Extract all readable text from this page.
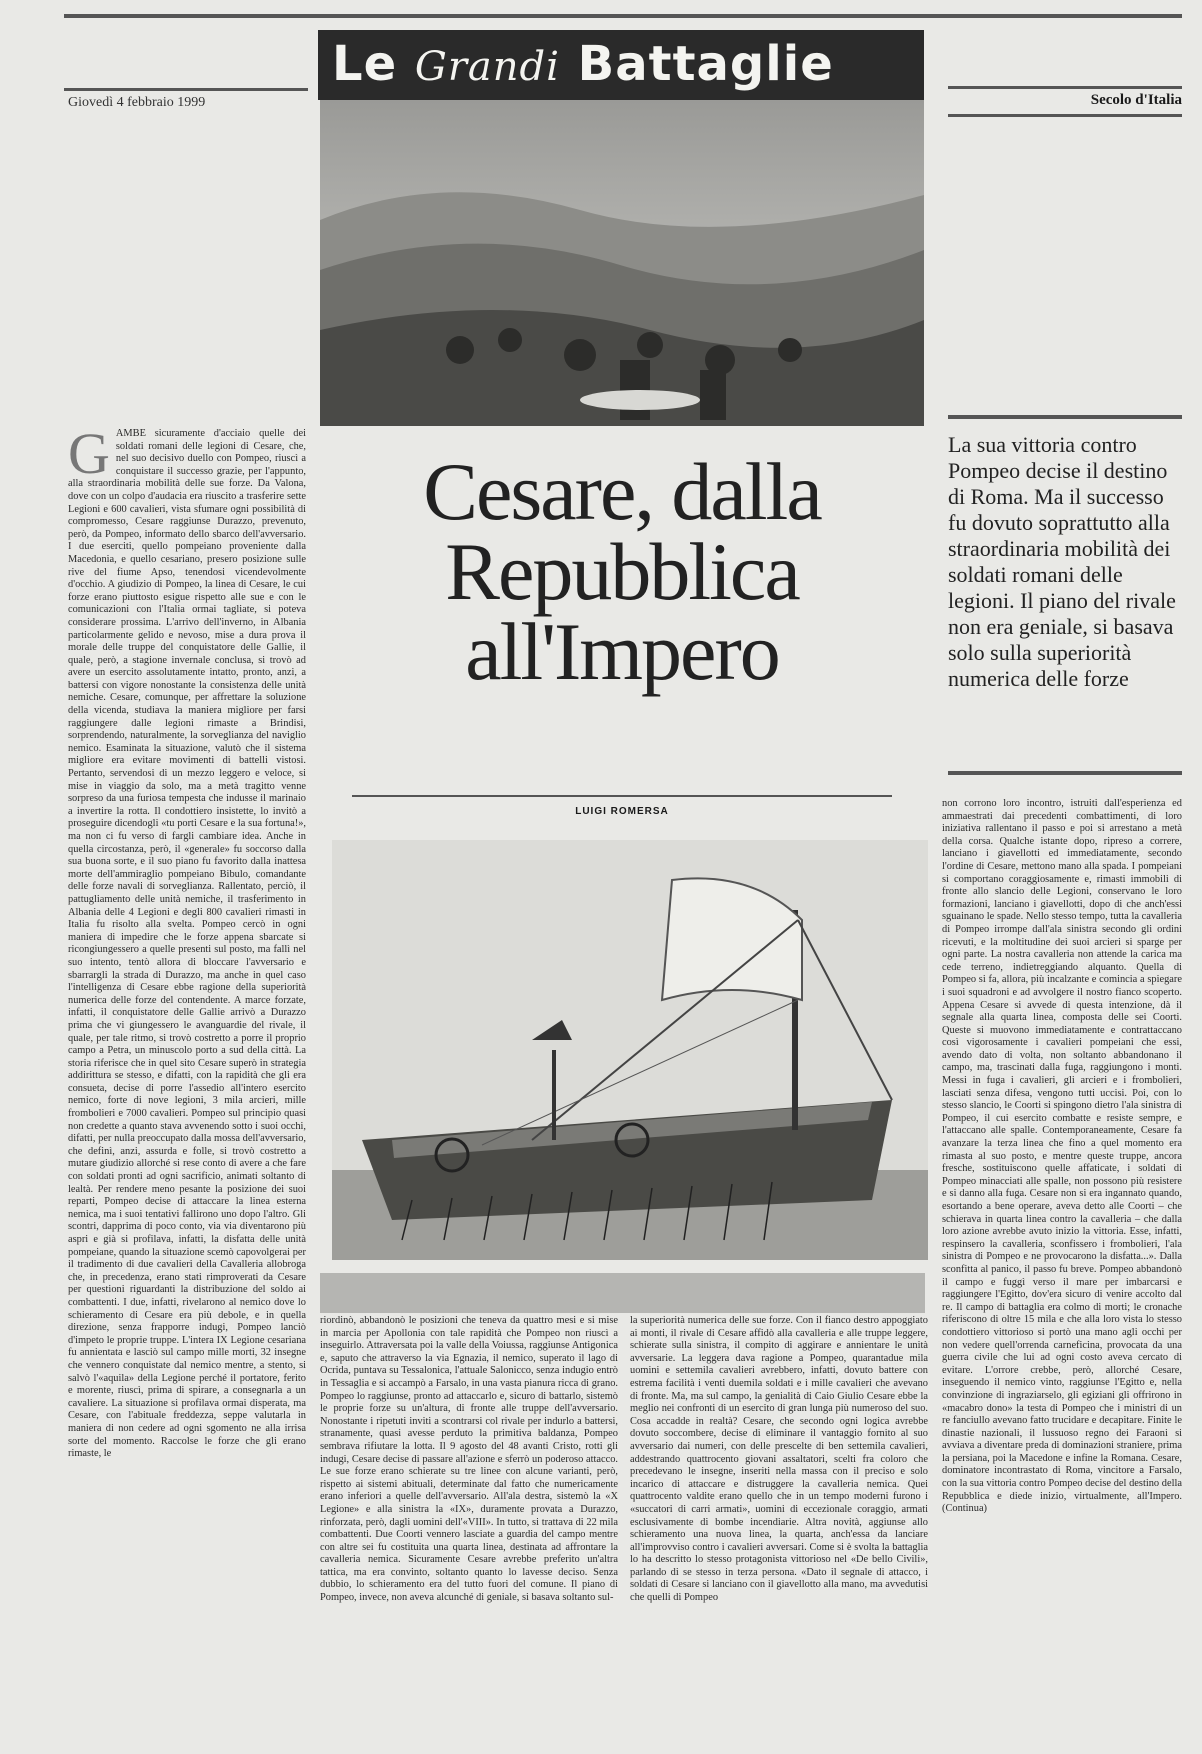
Giovedì 4 febbraio 1999	Secolo d'Italia
Le Grandi Battaglie
Cesare, dalla Repubblica all'Impero
LUIGI ROMERSA
La sua vittoria contro Pompeo decise il destino di Roma. Ma il successo fu dovuto soprattutto alla straordinaria mobilità dei soldati romani delle legioni. Il piano del rivale non era geniale, si basava solo sulla superiorità numerica delle forze
G AMBE sicuramente d'acciaio quelle dei soldati romani delle legioni di Cesare, che, nel suo decisivo duello con Pompeo, riuscì a conquistare il successo grazie, per l'appunto, alla straordinaria mobilità delle sue forze. Da Valona, dove con un colpo d'audacia era riuscito a trasferire sette Legioni e 600 cavalieri, vista sfumare ogni possibilità di compromesso, Cesare raggiunse Durazzo, prevenuto, però, da Pompeo, informato dello sbarco dell'avversario. I due eserciti, quello pompeiano proveniente dalla Macedonia, e quello cesariano, presero posizione sulle rive del fiume Apso, tenendosi vicendevolmente d'occhio. A giudizio di Pompeo, la linea di Cesare, le cui forze erano piuttosto esigue rispetto alle sue e con le comunicazioni con l'Italia ormai tagliate, si poteva considerare prossima. L'arrivo dell'inverno, in Albania particolarmente gelido e nevoso, mise a dura prova il morale delle truppe del conquistatore delle Gallie, il quale, però, a stagione invernale conclusa, si trovò ad avere un esercito assolutamente intatto, pronto, anzi, a battersi con vigore nonostante la consistenza delle unità nemiche. Cesare, comunque, per affrettare la soluzione della vicenda, studiava la maniera migliore per farsi raggiungere dalle legioni rimaste a Brindisi, sorprendendo, naturalmente, la sorveglianza del naviglio nemico. Esaminata la situazione, valutò che il sistema migliore era evitare movimenti di battelli vistosi. Pertanto, servendosi di un mezzo leggero e veloce, si mise in viaggio da solo, ma a metà tragitto venne sorpreso da una furiosa tempesta che indusse il marinaio a invertire la rotta. Il condottiero insistette, lo invitò a proseguire dicendogli «tu porti Cesare e la sua fortuna!», ma non ci fu verso di fargli cambiare idea. Anche in quella circostanza, però, il «generale» fu soccorso dalla sua buona sorte, e il suo piano fu favorito dalla inattesa morte dell'ammiraglio pompeiano Bibulo, comandante delle forze navali di sorveglianza. Rallentato, perciò, il pattugliamento delle unità nemiche, il trasferimento in Albania delle 4 Legioni e degli 800 cavalieri rimasti in Italia fu risolto alla svelta. Pompeo cercò in ogni maniera di impedire che le forze appena sbarcate si ricongiungessero a quelle presenti sul posto, ma fallì nel suo intento, tentò allora di bloccare l'avversario e sbarrargli la strada di Durazzo, ma anche in quel caso l'intelligenza di Cesare ebbe ragione della superiorità numerica delle forze del contendente. A marce forzate, infatti, il conquistatore delle Gallie arrivò a Durazzo prima che vi giungessero le avanguardie del rivale, il quale, per tale ritmo, si trovò costretto a porre il proprio campo a Petra, un minuscolo porto a sud della città. La storia riferisce che in quel sito Cesare superò in strategia addirittura se stesso, e difatti, con la rapidità che gli era consueta, decise di porre l'assedio all'intero esercito nemico, forte di nove legioni, 3 mila arcieri, mille frombolieri e 7000 cavalieri. Pompeo sul principio quasi non credette a quanto stava avvenendo sotto i suoi occhi, difatti, per nulla preoccupato dalla mossa dell'avversario, che definì, anzi, assurda e folle, si trovò costretto a mutare giudizio allorché si rese conto di avere a che fare con soldati pronti ad ogni sacrificio, animati soltanto di lealtà. Per rendere meno pesante la posizione dei suoi reparti, Pompeo decise di attaccare la linea esterna nemica, ma i suoi tentativi fallirono uno dopo l'altro. Gli scontri, dapprima di poco conto, via via diventarono più aspri e già si profilava, infatti, la disfatta delle unità pompeiane, quando la situazione scemò capovolgerai per il tradimento di due cavalieri della Cavalleria allobroga che, in precedenza, erano stati rimproverati da Cesare per questioni riguardanti la distribuzione del soldo ai combattenti. I due, infatti, rivelarono al nemico dove lo schieramento di Cesare era più debole, e in quella direzione, senza frapporre indugi, Pompeo lanciò d'impeto le proprie truppe. L'intera IX Legione cesariana fu annientata e lasciò sul campo mille morti, 32 insegne che vennero conquistate dal nemico mentre, a stento, si salvò l'«aquila» della Legione perché il portatore, ferito e morente, riuscì, prima di spirare, a consegnarla a un cavaliere. La situazione si profilava ormai disperata, ma Cesare, con l'abituale freddezza, seppe valutarla in maniera di non cedere ad ogni sgomento ne alla irrisa sorte del momento. Raccolse le forze che gli erano rimaste, le
riordinò, abbandonò le posizioni che teneva da quattro mesi e si mise in marcia per Apollonia con tale rapidità che Pompeo non riuscì a inseguirlo. Attraversata poi la valle della Voiussa, raggiunse Antigonica e, saputo che attraverso la via Egnazia, il nemico, superato il lago di Ocrida, puntava su Tessalonica, l'attuale Salonicco, senza indugio entrò in Tessaglia e si accampò a Farsalo, in una vasta pianura ricca di grano. Pompeo lo raggiunse, pronto ad attaccarlo e, sicuro di battarlo, sistemò le proprie forze su un'altura, di fronte alle truppe dell'avversario. Nonostante i ripetuti inviti a scontrarsi col rivale per indurlo a battersi, stranamente, quasi avesse perduto la primitiva baldanza, Pompeo sembrava rifiutare la lotta. Il 9 agosto del 48 avanti Cristo, rotti gli indugi, Cesare decise di passare all'azione e sferrò un poderoso attacco. Le sue forze erano schierate su tre linee con alcune varianti, però, rispetto ai sistemi abituali, determinate dal fatto che numericamente erano inferiori a quelle dell'avversario. All'ala destra, sistemò la «X Legione» e alla sinistra la «IX», duramente provata a Durazzo, rinforzata, però, dagli uomini dell'«VIII». In tutto, si trattava di 22 mila combattenti. Due Coorti vennero lasciate a guardia del campo mentre con altre sei fu costituita una quarta linea, destinata ad affrontare la cavalleria nemica. Sicuramente Cesare avrebbe preferito un'altra tattica, ma era convinto, soltanto quanto lo lavesse deciso. Senza dubbio, lo schieramento era del tutto fuori del comune. Il piano di Pompeo, invece, non aveva alcunché di geniale, si basava soltanto sul-
la superiorità numerica delle sue forze. Con il fianco destro appoggiato ai monti, il rivale di Cesare affidò alla cavalleria e alle truppe leggere, schierate sulla sinistra, il compito di aggirare e annientare le unità avversarie. La leggera dava ragione a Pompeo, quarantadue mila uomini e settemila cavalieri avrebbero, infatti, dovuto battere con estrema facilità i venti duemila soldati e i mille cavalieri che avevano di fronte. Ma, ma sul campo, la genialità di Caio Giulio Cesare ebbe la meglio nei confronti di un esercito di gran lunga più numeroso del suo. Cosa accadde in realtà? Cesare, che secondo ogni logica avrebbe dovuto soccombere, decise di eliminare il vantaggio fornito al suo avversario dai numeri, con delle prescelte di ben settemila cavalieri, addestrando quattrocento giovani assaltatori, scelti fra coloro che precedevano le insegne, inseriti nella massa con il preciso e solo incarico di attaccare e distruggere la cavalleria nemica. Quei quattrocento valdite erano quello che in un tempo moderni furono i «succatori di carri armati», uomini di eccezionale coraggio, armati esclusivamente di bombe incendiarie. Altra novità, aggiunse allo schieramento una nuova linea, la quarta, anch'essa da lanciare all'improvviso contro i cavalieri avversari. Come si è svolta la battaglia lo ha descritto lo stesso protagonista vittorioso nel «De bello Civili», parlando di se stesso in terza persona. «Dato il segnale di attacco, i soldati di Cesare si lanciano con il giavellotto alla mano, ma avvedutisi che quelli di Pompeo
non corrono loro incontro, istruiti dall'esperienza ed ammaestrati dai precedenti combattimenti, di loro iniziativa rallentano il passo e poi si arrestano a metà della corsa. Qualche istante dopo, ripreso a correre, lanciano i giavellotti ed immediatamente, secondo l'ordine di Cesare, mettono mano alla spada. I pompeiani si comportano coraggiosamente e, rimasti immobili di fronte allo slancio delle Legioni, conservano le loro formazioni, lanciano i giavellotti, dopo di che anch'essi sguainano le spade. Nello stesso tempo, tutta la cavalleria di Pompeo irrompe dall'ala sinistra secondo gli ordini ricevuti, e la moltitudine dei suoi arcieri si sparge per ogni parte. La nostra cavalleria non attende la carica ma cede terreno, indietreggiando alquanto. Quella di Pompeo si fa, allora, più incalzante e comincia a spiegare i suoi squadroni e ad avvolgere il nostro fianco scoperto. Appena Cesare si avvede di questa intenzione, dà il segnale alla quarta linea, composta delle sei Coorti. Queste si muovono immediatamente e contrattaccano così vigorosamente i cavalieri pompeiani che essi, avendo dato di volta, non soltanto abbandonano il campo, ma, trascinati dalla fuga, raggiungono i monti. Messi in fuga i cavalieri, gli arcieri e i frombolieri, lasciati senza difesa, vengono tutti uccisi. Poi, con lo stesso slancio, le Coorti si spingono dietro l'ala sinistra di Pompeo, il cui esercito combatte e resiste sempre, e l'attaccano alle spalle. Contemporaneamente, Cesare fa avanzare la terza linea che fino a quel momento era rimasta al suo posto, e mentre queste truppe, ancora fresche, sostituiscono quelle affaticate, i soldati di Pompeo minacciati alle spalle, non possono più resistere e si danno alla fuga. Cesare non si era ingannato quando, esortando a bene operare, aveva detto alle Coorti – che schierava in quarta linea contro la cavalleria – che dalla loro azione avrebbe avuto inizio la vittoria. Esse, infatti, respinsero la cavalleria, sconfissero i frombolieri, l'ala sinistra di Pompeo e ne provocarono la disfatta...». Dalla sconfitta al panico, il passo fu breve. Pompeo abbandonò il campo e fuggì verso il mare per imbarcarsi e raggiungere l'Egitto, dov'era sicuro di venire accolto dal re. Il campo di battaglia era colmo di morti; le cronache riferiscono di oltre 15 mila e che alla loro vista lo stesso condottiero vittorioso si portò una mano agli occhi per non vedere quell'orrenda carneficina, provocata da una guerra civile che lui ad ogni costo aveva cercato di evitare. L'orrore crebbe, però, allorché Cesare, inseguendo il nemico vinto, raggiunse l'Egitto e, nella convinzione di ingraziarselo, gli egiziani gli offrirono in «macabro dono» la testa di Pompeo che i ministri di un re fanciullo avevano fatto trucidare e decapitare. Finite le dinastie nazionali, il lussuoso regno dei Faraoni si avviava a diventare preda di dominazioni straniere, prima la persiana, poi la Macedone e infine la Romana. Cesare, dominatore incontrastato di Roma, vincitore a Farsalo, con la sua vittoria contro Pompeo decise del destino della Repubblica e diede inizio, virtualmente, all'Impero. (Continua)
